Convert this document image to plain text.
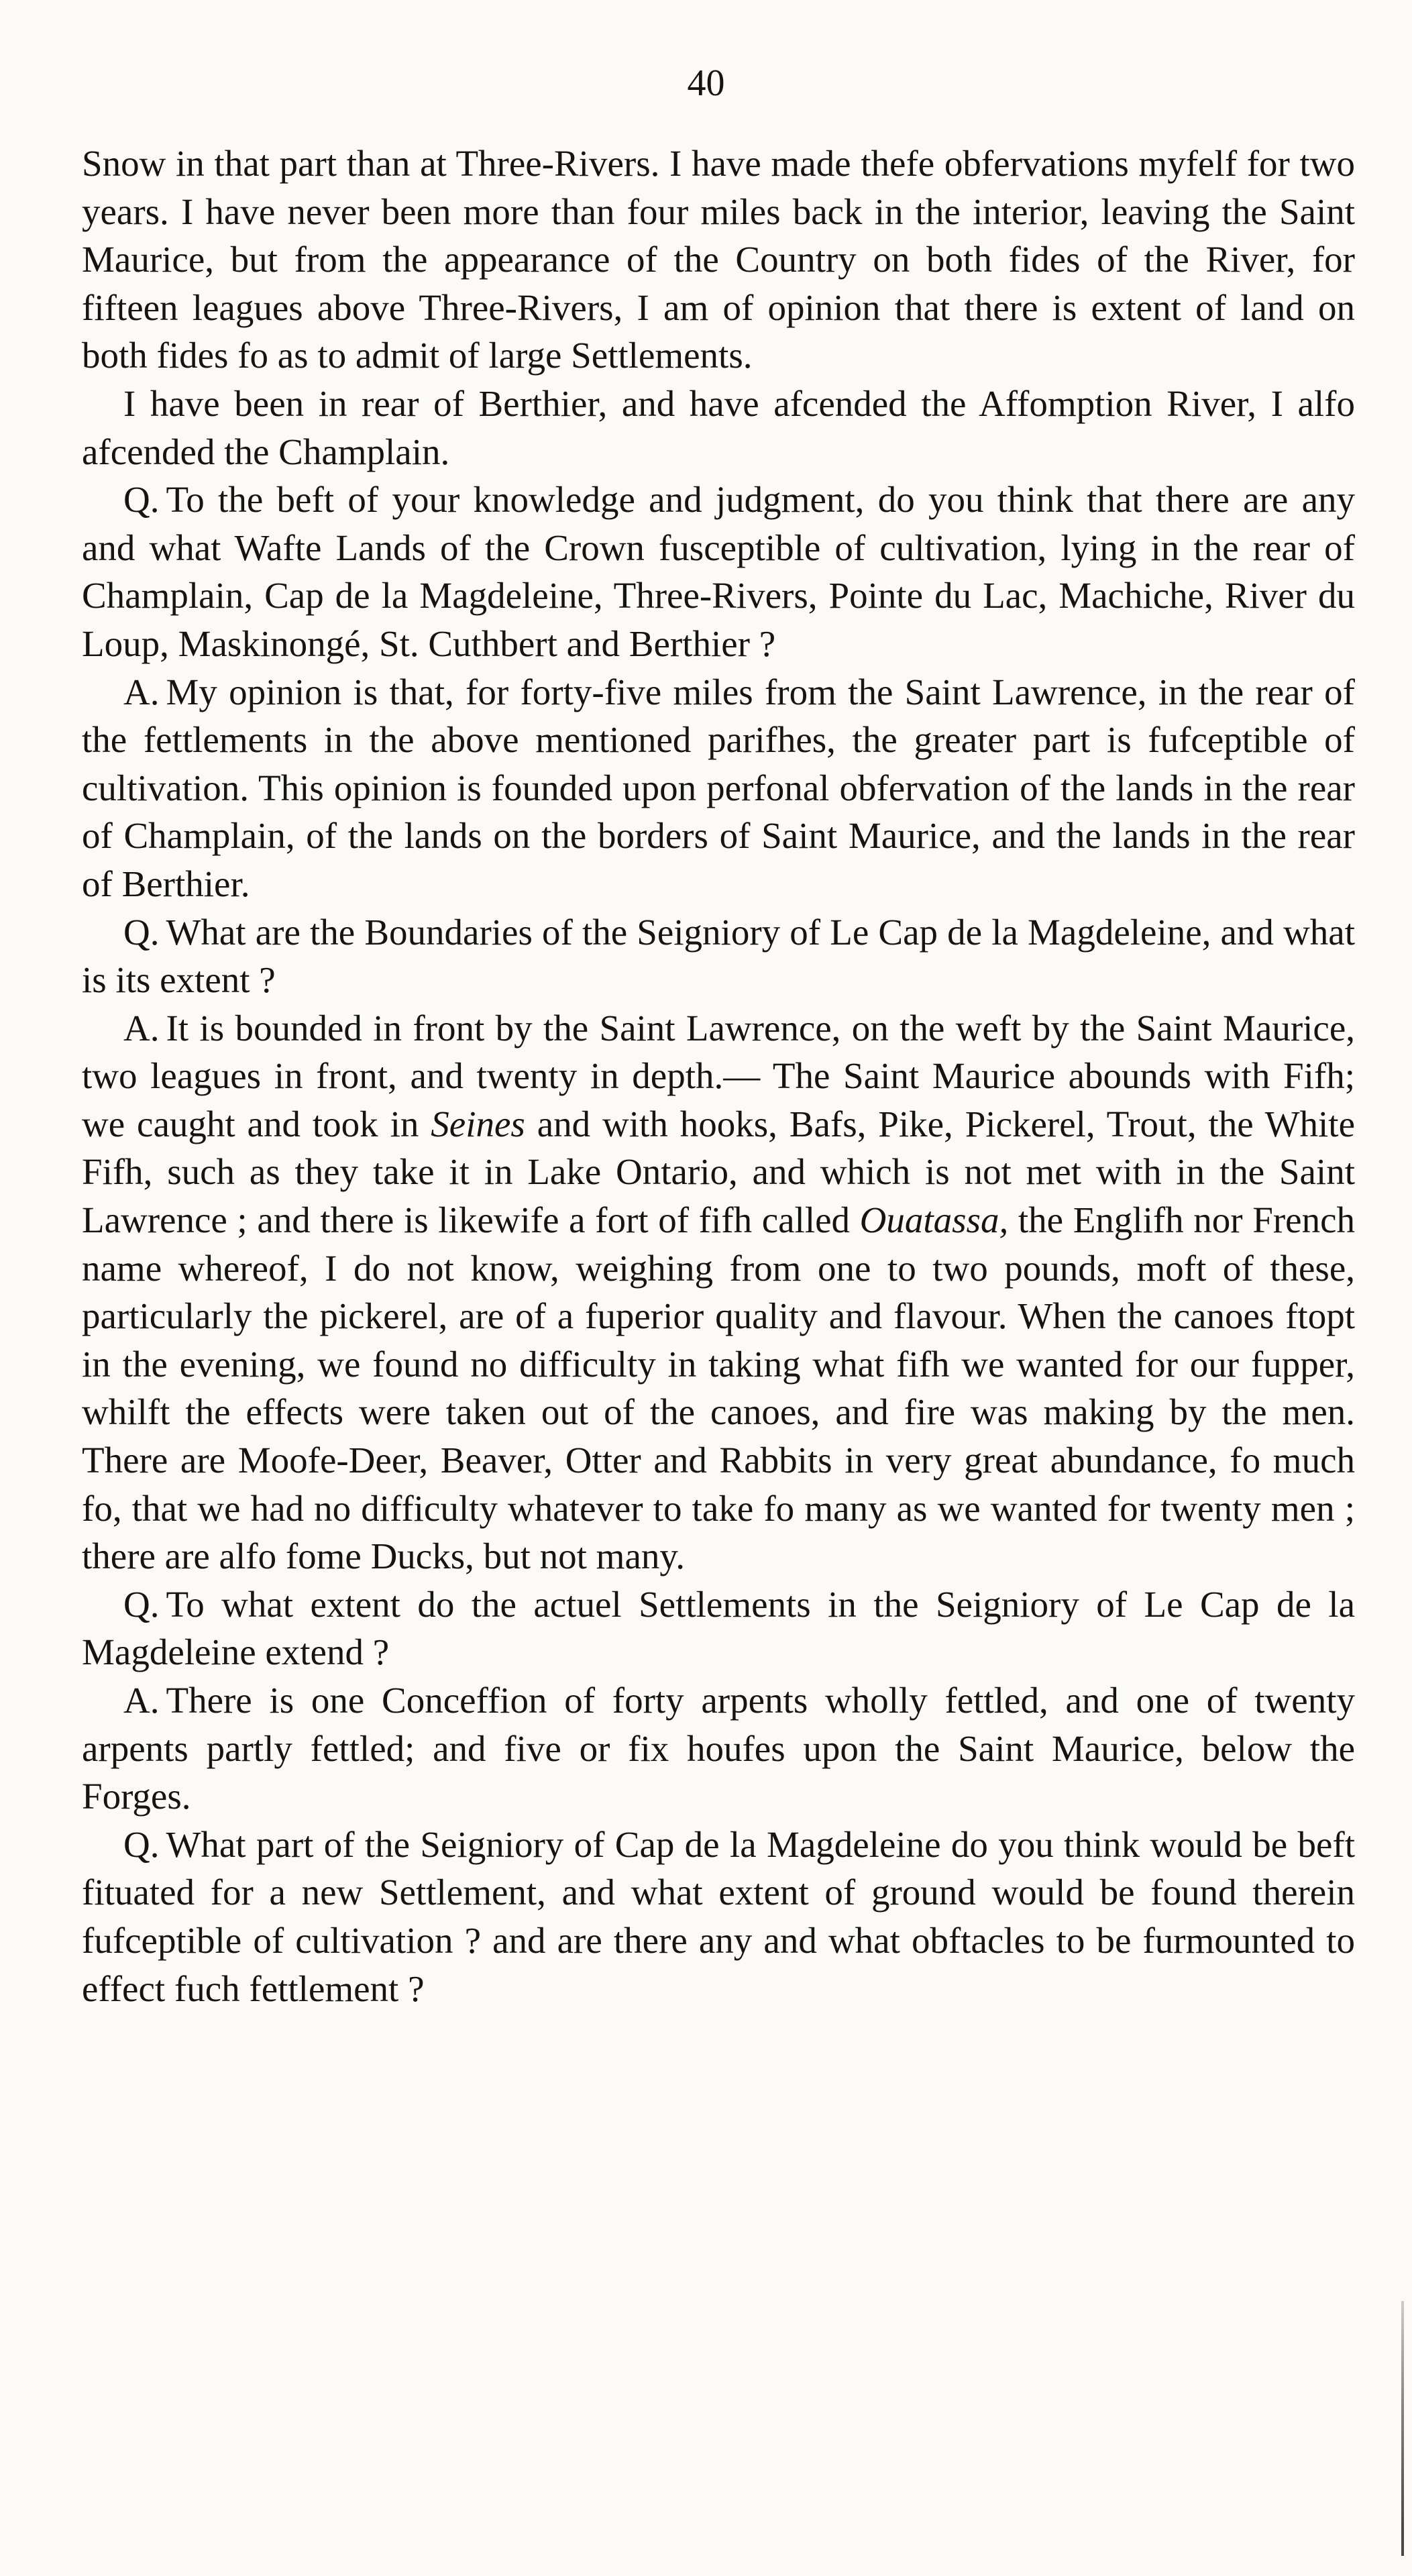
40

Snow in that part than at Three-Rivers. I have made thefe obfervations myfelf for two years. I have never been more than four miles back in the interior, leaving the Saint Maurice, but from the appearance of the Country on both fides of the River, for fifteen leagues above Three-Rivers, I am of opinion that there is extent of land on both fides fo as to admit of large Settlements.

I have been in rear of Berthier, and have afcended the Affomption River, I alfo afcended the Champlain.

Q. To the beft of your knowledge and judgment, do you think that there are any and what Wafte Lands of the Crown fusceptible of cultivation, lying in the rear of Champlain, Cap de la Magdeleine, Three-Rivers, Pointe du Lac, Machiche, River du Loup, Maskinongé, St. Cuthbert and Berthier ?

A. My opinion is that, for forty-five miles from the Saint Lawrence, in the rear of the fettlements in the above mentioned parifhes, the greater part is fufceptible of cultivation. This opinion is founded upon perfonal obfervation of the lands in the rear of Champlain, of the lands on the borders of Saint Maurice, and the lands in the rear of Berthier.

Q. What are the Boundaries of the Seigniory of Le Cap de la Magdeleine, and what is its extent ?

A. It is bounded in front by the Saint Lawrence, on the weft by the Saint Maurice, two leagues in front, and twenty in depth.— The Saint Maurice abounds with Fifh; we caught and took in Seines and with hooks, Bafs, Pike, Pickerel, Trout, the White Fifh, such as they take it in Lake Ontario, and which is not met with in the Saint Lawrence ; and there is likewife a fort of fifh called Ouatassa, the Englifh nor French name whereof, I do not know, weighing from one to two pounds, moft of these, particularly the pickerel, are of a fuperior quality and flavour. When the canoes ftopt in the evening, we found no difficulty in taking what fifh we wanted for our fupper, whilft the effects were taken out of the canoes, and fire was making by the men. There are Moofe-Deer, Beaver, Otter and Rabbits in very great abundance, fo much fo, that we had no difficulty whatever to take fo many as we wanted for twenty men ; there are alfo fome Ducks, but not many.

Q. To what extent do the actuel Settlements in the Seigniory of Le Cap de la Magdeleine extend ?

A. There is one Conceffion of forty arpents wholly fettled, and one of twenty arpents partly fettled; and five or fix houfes upon the Saint Maurice, below the Forges.

Q. What part of the Seigniory of Cap de la Magdeleine do you think would be beft fituated for a new Settlement, and what extent of ground would be found therein fufceptible of cultivation ? and are there any and what obftacles to be furmounted to effect fuch fettlement ?
